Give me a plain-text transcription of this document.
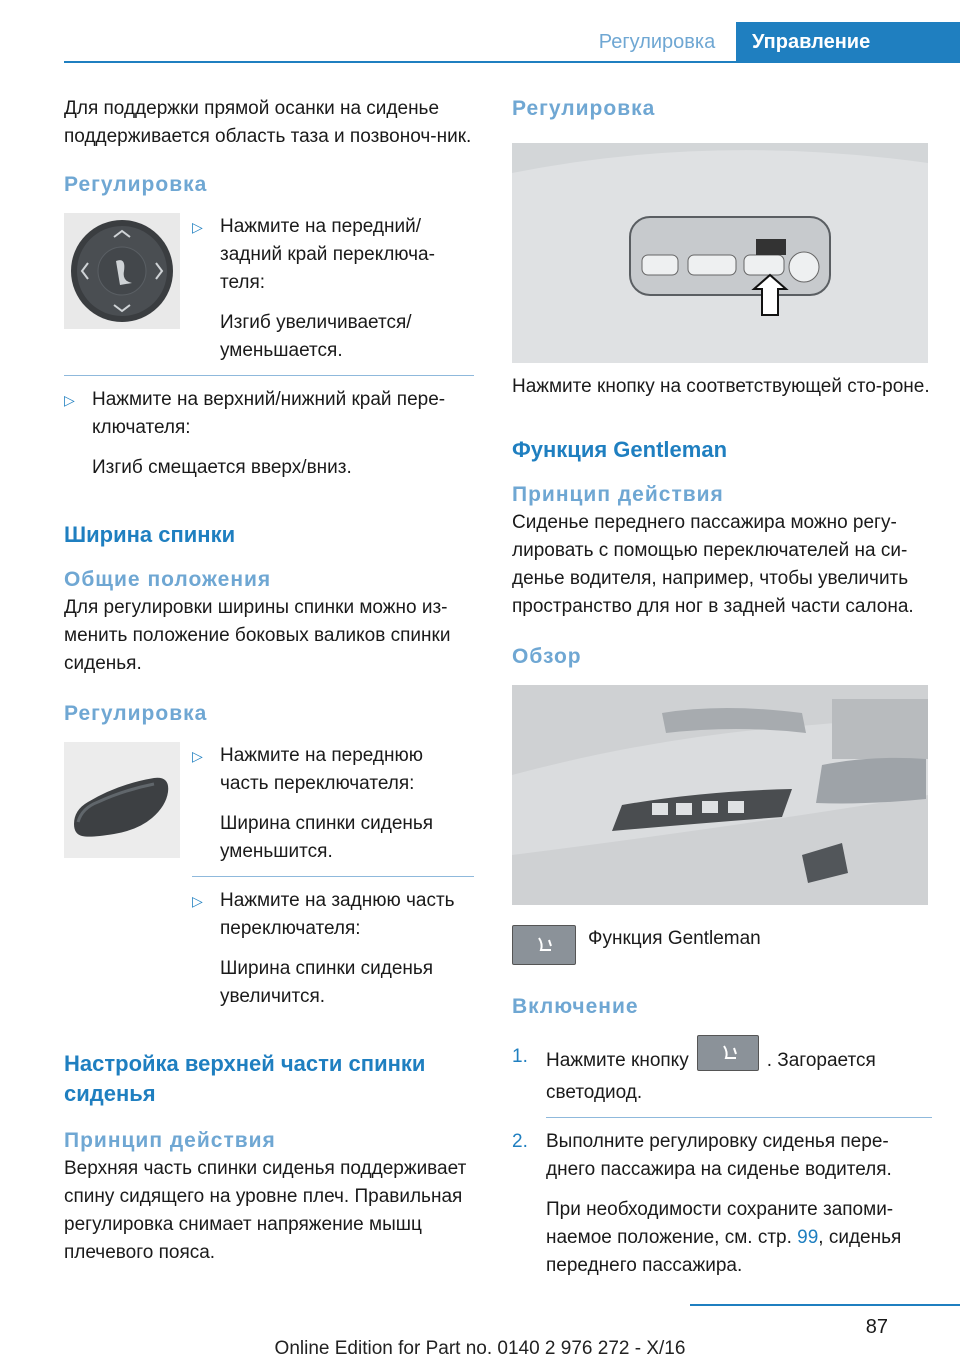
Регулировка	Управление

Для поддержки прямой осанки на сиденье поддерживается область таза и позвоноч-ник.

Регулировка
▷ Нажмите на передний/задний край переключа-теля:

Изгиб увеличивается/уменьшается.

▷ Нажмите на верхний/нижний край пере-ключателя:

Изгиб смещается вверх/вниз.

Ширина спинки
Общие положения

Для регулировки ширины спинки можно из-менить положение боковых валиков спинки сиденья.

Регулировка
▷ Нажмите на переднюю часть переключателя:

Ширина спинки сиденья уменьшится.

▷ Нажмите на заднюю часть переключателя:

Ширина спинки сиденья увеличится.

Настройка верхней части спинки сиденья
Принцип действия

Верхняя часть спинки сиденья поддерживает спину сидящего на уровне плеч. Правильная регулировка снимает напряжение мышц плечевого пояса.

Регулировка

Нажмите кнопку на соответствующей сто-роне.

Функция Gentleman
Принцип действия

Сиденье переднего пассажира можно регу-лировать с помощью переключателей на си-денье водителя, например, чтобы увеличить пространство для ног в задней части салона.

Обзор

Функция Gentleman

Включение
1. Нажмите кнопку	. Загорается светодиод.

2. Выполните регулировку сиденья пере-днего пассажира на сиденье водителя.

При необходимости сохраните запоми-наемое положение, см. стр. 99, сиденья переднего пассажира.

87
Online Edition for Part no. 0140 2 976 272 - X/16
